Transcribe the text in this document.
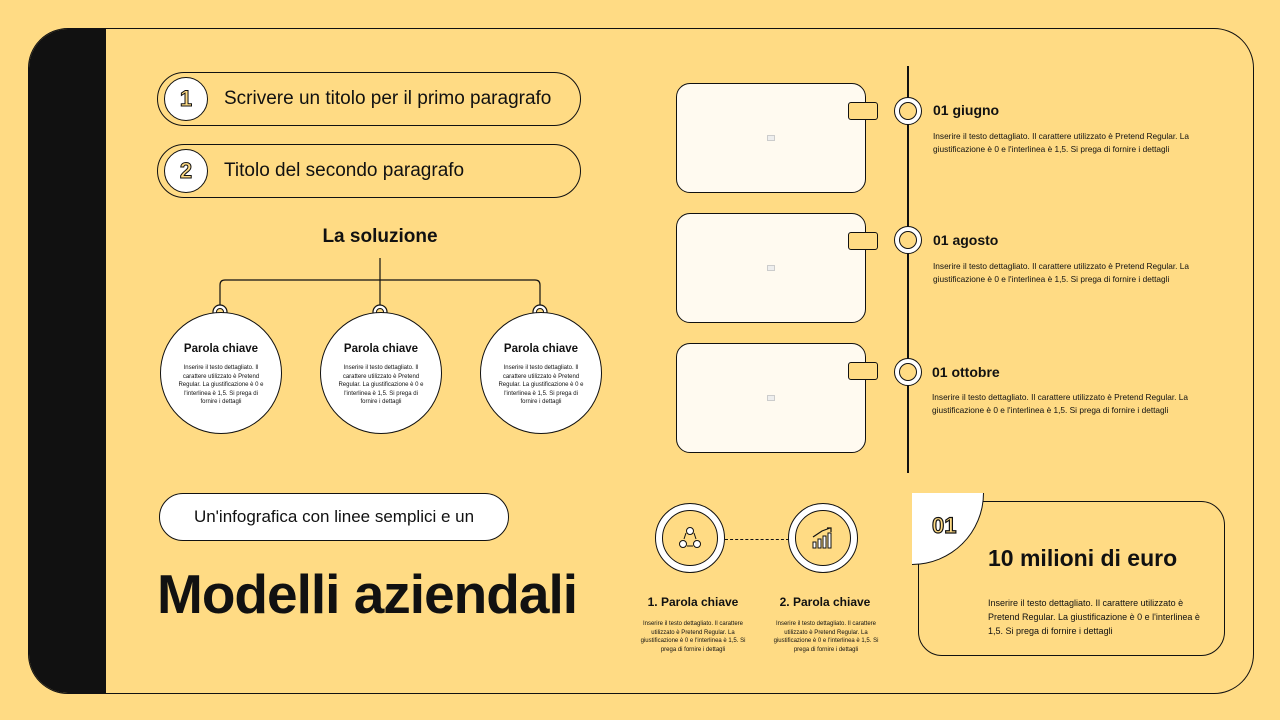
1 Scrivere un titolo per il primo paragrafo
2 Titolo del secondo paragrafo
La soluzione
Parola chiave

Inserire il testo dettagliato. Il carattere utilizzato è Pretend Regular. La giustificazione è 0 e l'interlinea è 1,5. Si prega di fornire i dettagli

Parola chiave

Inserire il testo dettagliato. Il carattere utilizzato è Pretend Regular. La giustificazione è 0 e l'interlinea è 1,5. Si prega di fornire i dettagli

Parola chiave

Inserire il testo dettagliato. Il carattere utilizzato è Pretend Regular. La giustificazione è 0 e l'interlinea è 1,5. Si prega di fornire i dettagli

01 giugno
Inserire il testo dettagliato. Il carattere utilizzato è Pretend Regular. La giustificazione è 0 e l'interlinea è 1,5. Si prega di fornire i dettagli
01 agosto
Inserire il testo dettagliato. Il carattere utilizzato è Pretend Regular. La giustificazione è 0 e l'interlinea è 1,5. Si prega di fornire i dettagli
01 ottobre
Inserire il testo dettagliato. Il carattere utilizzato è Pretend Regular. La giustificazione è 0 e l'interlinea è 1,5. Si prega di fornire i dettagli
Un'infografica con linee semplici e un
Modelli aziendali	1. Parola chiave
Inserire il testo dettagliato. Il carattere utilizzato è Pretend Regular. La giustificazione è 0 e l'interlinea è 1,5. Si prega di fornire i dettagli
2. Parola chiave
Inserire il testo dettagliato. Il carattere utilizzato è Pretend Regular. La giustificazione è 0 e l'interlinea è 1,5. Si prega di fornire i dettagli
01
10 milioni di euro
Inserire il testo dettagliato. Il carattere utilizzato è Pretend Regular. La giustificazione è 0 e l'interlinea è 1,5. Si prega di fornire i dettagli
